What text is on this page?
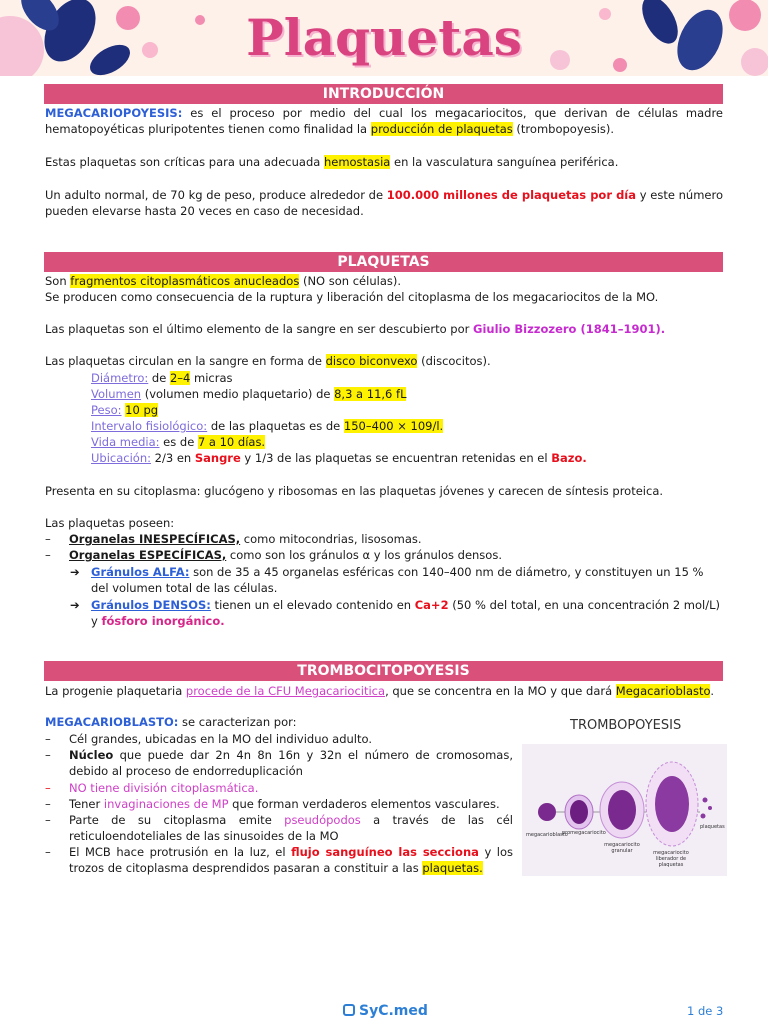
Plaquetas
INTRODUCCIÓN
MEGACARIOPOYESIS: es el proceso por medio del cual los megacariocitos, que derivan de células madre hematopoyéticas pluripotentes tienen como finalidad la producción de plaquetas (trombopoyesis).
Estas plaquetas son críticas para una adecuada hemostasia en la vasculatura sanguínea periférica.
Un adulto normal, de 70 kg de peso, produce alrededor de 100.000 millones de plaquetas por día y este número pueden elevarse hasta 20 veces en caso de necesidad.
PLAQUETAS
Son fragmentos citoplasmáticos anucleados (NO son células).
Se producen como consecuencia de la ruptura y liberación del citoplasma de los megacariocitos de la MO.
Las plaquetas son el último elemento de la sangre en ser descubierto por Giulio Bizzozero (1841–1901).
Las plaquetas circulan en la sangre en forma de disco biconvexo (discocitos).
Diámetro: de 2–4 micras
Volumen (volumen medio plaquetario) de 8,3 a 11,6 fL
Peso: 10 pg
Intervalo fisiológico: de las plaquetas es de 150–400 × 109/l.
Vida media: es de 7 a 10 días.
Ubicación: 2/3 en Sangre y 1/3 de las plaquetas se encuentran retenidas en el Bazo.
Presenta en su citoplasma: glucógeno y ribosomas en las plaquetas jóvenes y carecen de síntesis proteica.
Las plaquetas poseen:
–	Organelas INESPECÍFICAS, como mitocondrias, lisosomas.
–	Organelas ESPECÍFICAS, como son los gránulos α y los gránulos densos.
➔ Gránulos ALFA: son de 35 a 45 organelas esféricas con 140–400 nm de diámetro, y constituyen un 15 % del volumen total de las células.
➔ Gránulos DENSOS: tienen un el elevado contenido en Ca+2 (50 % del total, en una concentración 2 mol/L) y fósforo inorgánico.
TROMBOCITOPOYESIS
La progenie plaquetaria procede de la CFU Megacariocitica, que se concentra en la MO y que dará Megacarioblasto.
MEGACARIOBLASTO: se caracterizan por:
–	Cél grandes, ubicadas en la MO del individuo adulto.
–	Núcleo que puede dar 2n 4n 8n 16n y 32n el número de cromosomas, debido al proceso de endorreduplicación
–	NO tiene división citoplasmática.
–	Tener invaginaciones de MP que forman verdaderos elementos vasculares.
–	Parte de su citoplasma emite pseudópodos a través de las cél reticuloendoteliales de las sinusoides de la MO
–	El MCB hace protrusión en la luz, el flujo sanguíneo las secciona y los trozos de citoplasma desprendidos pasaran a constituir a las plaquetas.
TROMBOPOYESIS
megacarioblasto
promegacariocito
megacariocito granular	megacariocito liberador de plaquetas
plaquetas
SyC.med	1 de 3
